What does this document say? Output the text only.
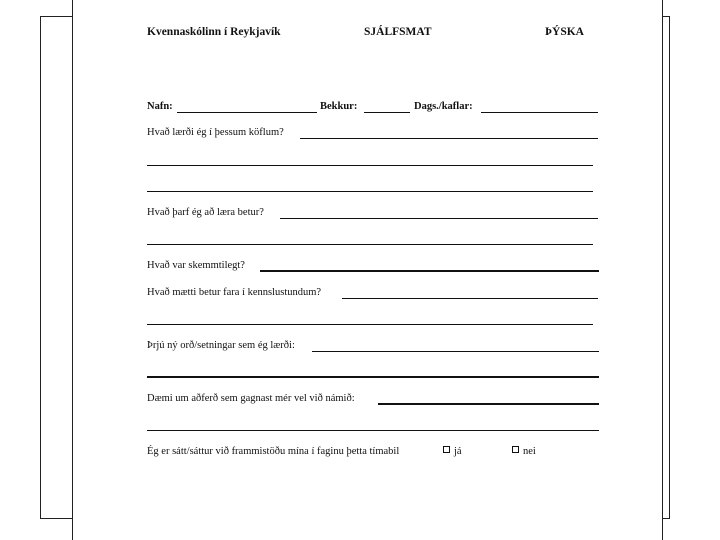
Kvennaskólinn í Reykjavík	SJÁLFSMAT	ÞÝSKA
Nafn:	Bekkur:	Dags./kaflar:
Hvað lærði ég í þessum köflum?
Hvað þarf ég að læra betur?
Hvað var skemmtilegt?
Hvað mætti betur fara í kennslustundum?
Þrjú ný orð/setningar sem ég lærði:
Dæmi um aðferð sem gagnast mér vel við námið:
Ég er sátt/sáttur við frammistöðu mína í faginu þetta tímabil	já	nei
